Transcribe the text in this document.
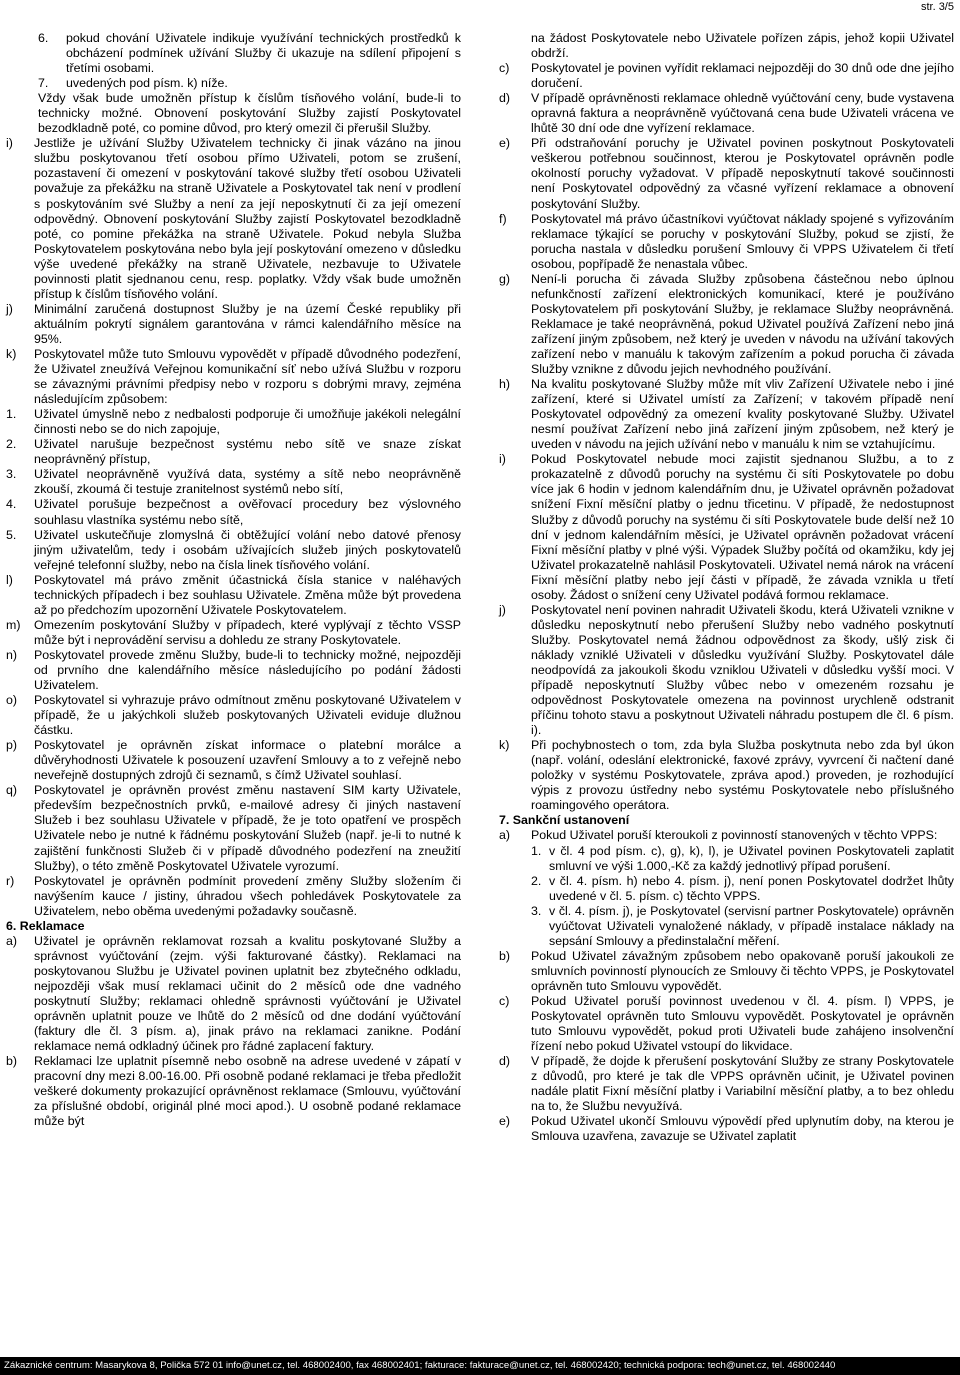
str. 3/5
6.	pokud chování Uživatele indikuje využívání technických prostředků k obcházení podmínek užívání Služby či ukazuje na sdílení připojení s třetími osobami.
7.	uvedených pod písm. k) níže.

Vždy však bude umožněn přístup k číslům tísňového volání, bude-li to technicky možné. Obnovení poskytování Služby zajistí Poskytovatel bezodkladně poté, co pomine důvod, pro který omezil či přerušil Služby.

i)	Jestliže je užívání Služby Uživatelem technicky či jinak vázáno na jinou službu poskytovanou třetí osobou přímo Uživateli, potom se zrušení, pozastavení či omezení v poskytování takové služby třetí osobou Uživateli považuje za překážku na straně Uživatele a Poskytovatel tak není v prodlení s poskytováním své Služby a není za její neposkytnutí či za její omezení odpovědný. Obnovení poskytování Služby zajistí Poskytovatel bezodkladně poté, co pomine překážka na straně Uživatele. Pokud nebyla Služba Poskytovatelem poskytována nebo byla její poskytování omezeno v důsledku výše uvedené překážky na straně Uživatele, nezbavuje to Uživatele povinnosti platit sjednanou cenu, resp. poplatky. Vždy však bude umožněn přístup k číslům tísňového volání.
j)	Minimální zaručená dostupnost Služby je na území České republiky při aktuálním pokrytí signálem garantována v rámci kalendářního měsíce na 95%.
k)	Poskytovatel může tuto Smlouvu vypovědět v případě důvodného podezření, že Uživatel zneužívá Veřejnou komunikační síť nebo užívá Službu v rozporu se závaznými právními předpisy nebo v rozporu s dobrými mravy, zejména následujícím způsobem:
1.	Uživatel úmyslně nebo z nedbalosti podporuje či umožňuje jakékoli nelegální činnosti nebo se do nich zapojuje,
2.	Uživatel narušuje bezpečnost systému nebo sítě ve snaze získat neoprávněný přístup,
3.	Uživatel neoprávněně využívá data, systémy a sítě nebo neoprávněně zkouší, zkoumá či testuje zranitelnost systémů nebo sítí,
4.	Uživatel porušuje bezpečnost a ověřovací procedury bez výslovného souhlasu vlastníka systému nebo sítě,
5.	Uživatel uskutečňuje zlomyslná či obtěžující volání nebo datové přenosy jiným uživatelům, tedy i osobám užívajících služeb jiných poskytovatelů veřejné telefonní služby, nebo na čísla linek tísňového volání.
l)	Poskytovatel má právo změnit účastnická čísla stanice v naléhavých technických případech i bez souhlasu Uživatele. Změna může být provedena až po předchozím upozornění Uživatele Poskytovatelem.
m)	Omezením poskytování Služby v případech, které vyplývají z těchto VSSP může být i neprovádění servisu a dohledu ze strany Poskytovatele.
n)	Poskytovatel provede změnu Služby, bude-li to technicky možné, nejpozději od prvního dne kalendářního měsíce následujícího po podání žádosti Uživatelem.
o)	Poskytovatel si vyhrazuje právo odmítnout změnu poskytované Uživatelem v případě, že u jakýchkoli služeb poskytovaných Uživateli eviduje dlužnou částku.
p)	Poskytovatel je oprávněn získat informace o platební morálce a důvěryhodnosti Uživatele k posouzení uzavření Smlouvy a to z veřejně nebo neveřejně dostupných zdrojů či seznamů, s čímž Uživatel souhlasí.
q)	Poskytovatel je oprávněn provést změnu nastavení SIM karty Uživatele, především bezpečnostních prvků, e-mailové adresy či jiných nastavení Služeb i bez souhlasu Uživatele v případě, že je toto opatření ve prospěch Uživatele nebo je nutné k řádnému poskytování Služeb (např. je-li to nutné k zajištění funkčnosti Služeb či v případě důvodného podezření na zneužití Služby), o této změně Poskytovatel Uživatele vyrozumí.
r)	Poskytovatel je oprávněn podmínit provedení změny Služby složením či navýšením kauce / jistiny, úhradou všech pohledávek Poskytovatele za Uživatelem, nebo oběma uvedenými požadavky současně.

6. Reklamace

a)	Uživatel je oprávněn reklamovat rozsah a kvalitu poskytované Služby a správnost vyúčtování (zejm. výši fakturované částky). Reklamaci na poskytovanou Službu je Uživatel povinen uplatnit bez zbytečného odkladu, nejpozději však musí reklamaci učinit do 2 měsíců ode dne vadného poskytnutí Služby; reklamaci ohledně správnosti vyúčtování je Uživatel oprávněn uplatnit pouze ve lhůtě do 2 měsíců od dne dodání vyúčtování (faktury dle čl. 3 písm. a), jinak právo na reklamaci zanikne. Podání reklamace nemá odkladný účinek pro řádné zaplacení faktury.
b)	Reklamaci lze uplatnit písemně nebo osobně na adrese uvedené v zápatí v pracovní dny mezi 8.00-16.00. Při osobně podané reklamaci je třeba předložit veškeré dokumenty prokazující oprávněnost reklamace (Smlouvu, vyúčtování za příslušné období, originál plné moci apod.). U osobně podané reklamace může být

na žádost Poskytovatele nebo Uživatele pořízen zápis, jehož kopii Uživatel obdrží.

c)	Poskytovatel je povinen vyřídit reklamaci nejpozději do 30 dnů ode dne jejího doručení.
d)	V případě oprávněnosti reklamace ohledně vyúčtování ceny, bude vystavena opravná faktura a neoprávněně vyúčtovaná cena bude Uživateli vrácena ve lhůtě 30 dní ode dne vyřízení reklamace.
e)	Při odstraňování poruchy je Uživatel povinen poskytnout Poskytovateli veškerou potřebnou součinnost, kterou je Poskytovatel oprávněn podle okolností poruchy vyžadovat. V případě neposkytnutí takové součinnosti není Poskytovatel odpovědný za včasné vyřízení reklamace a obnovení poskytování Služby.
f)	Poskytovatel má právo účastníkovi vyúčtovat náklady spojené s vyřizováním reklamace týkající se poruchy v poskytování Služby, pokud se zjistí, že porucha nastala v důsledku porušení Smlouvy či VPPS Uživatelem či třetí osobou, popřípadě že nenastala vůbec.
g)	Není-li porucha či závada Služby způsobena částečnou nebo úplnou nefunkčností zařízení elektronických komunikací, které je používáno Poskytovatelem při poskytování Služby, je reklamace Služby neoprávněná. Reklamace je také neoprávněná, pokud Uživatel používá Zařízení nebo jiná zařízení jiným způsobem, než který je uveden v návodu na užívání takových zařízení nebo v manuálu k takovým zařízením a pokud porucha či závada Služby vznikne z důvodu jejich nevhodného používání.
h)	Na kvalitu poskytované Služby může mít vliv Zařízení Uživatele nebo i jiné zařízení, které si Uživatel umístí za Zařízení; v takovém případě není Poskytovatel odpovědný za omezení kvality poskytované Služby. Uživatel nesmí používat Zařízení nebo jiná zařízení jiným způsobem, než který je uveden v návodu na jejich užívání nebo v manuálu k nim se vztahujícímu.
i)	Pokud Poskytovatel nebude moci zajistit sjednanou Službu, a to z prokazatelně z důvodů poruchy na systému či síti Poskytovatele po dobu více jak 6 hodin v jednom kalendářním dnu, je Uživatel oprávněn požadovat snížení Fixní měsíční platby o jednu třicetinu. V případě, že nedostupnost Služby z důvodů poruchy na systému či síti Poskytovatele bude delší než 10 dní v jednom kalendářním měsíci, je Uživatel oprávněn požadovat vrácení Fixní měsíční platby v plné výši. Výpadek Služby počítá od okamžiku, kdy jej Uživatel prokazatelně nahlásil Poskytovateli. Uživatel nemá nárok na vrácení Fixní měsíční platby nebo její části v případě, že závada vznikla u třetí osoby. Žádost o snížení ceny Uživatel podává formou reklamace.
j)	Poskytovatel není povinen nahradit Uživateli škodu, která Uživateli vznikne v důsledku neposkytnutí nebo přerušení Služby nebo vadného poskytnutí Služby. Poskytovatel nemá žádnou odpovědnost za škody, ušlý zisk či náklady vzniklé Uživateli v důsledku využívání Služby. Poskytovatel dále neodpovídá za jakoukoli škodu vzniklou Uživateli v důsledku vyšší moci. V případě neposkytnutí Služby vůbec nebo v omezeném rozsahu je odpovědnost Poskytovatele omezena na povinnost urychleně odstranit příčinu tohoto stavu a poskytnout Uživateli náhradu postupem dle čl. 6 písm. i).
k)	Při pochybnostech o tom, zda byla Služba poskytnuta nebo zda byl úkon (např. volání, odeslání elektronické, faxové zprávy, vyvrcení či načtení dané položky v systému Poskytovatele, zpráva apod.) proveden, je rozhodující výpis z provozu ústředny nebo systému Poskytovatele nebo příslušného roamingového operátora.

7. Sankční ustanovení

a)	Pokud Uživatel poruší kteroukoli z povinností stanovených v těchto VPPS:
1. v čl. 4 pod písm. c), g), k), l), je Uživatel povinen Poskytovateli zaplatit smluvní ve výši 1.000,-Kč za každý jednotlivý případ porušení.
2. v čl. 4. písm. h) nebo 4. písm. j), není ponen Poskytovatel dodržet lhůty uvedené v čl. 5. písm. c) těchto VPPS.
3. v čl. 4. písm. j), je Poskytovatel (servisní partner Poskytovatele) oprávněn vyúčtovat Uživateli vynaložené náklady, v případě instalace náklady na sepsání Smlouvy a předinstalační měření.
b)	Pokud Uživatel závažným způsobem nebo opakovaně poruší jakoukoli ze smluvních povinností plynoucích ze Smlouvy či těchto VPPS, je Poskytovatel oprávněn tuto Smlouvu vypovědět.
c)	Pokud Uživatel poruší povinnost uvedenou v čl. 4. písm. l) VPPS, je Poskytovatel oprávněn tuto Smlouvu vypovědět. Poskytovatel je oprávněn tuto Smlouvu vypovědět, pokud proti Uživateli bude zahájeno insolvenční řízení nebo pokud Uživatel vstoupí do likvidace.
d)	V případě, že dojde k přerušení poskytování Služby ze strany Poskytovatele z důvodů, pro které je tak dle VPPS oprávněn učinit, je Uživatel povinen nadále platit Fixní měsíční platby i Variabilní měsíční platby, a to bez ohledu na to, že Službu nevyužívá.
e)	Pokud Uživatel ukončí Smlouvu výpovědí před uplynutím doby, na kterou je Smlouva uzavřena, zavazuje se Uživatel zaplatit
Zákaznické centrum: Masarykova 8, Polička 572 01 info@unet.cz, tel. 468002400, fax 468002401; fakturace: fakturace@unet.cz, tel. 468002420; technická podpora: tech@unet.cz, tel. 468002440
